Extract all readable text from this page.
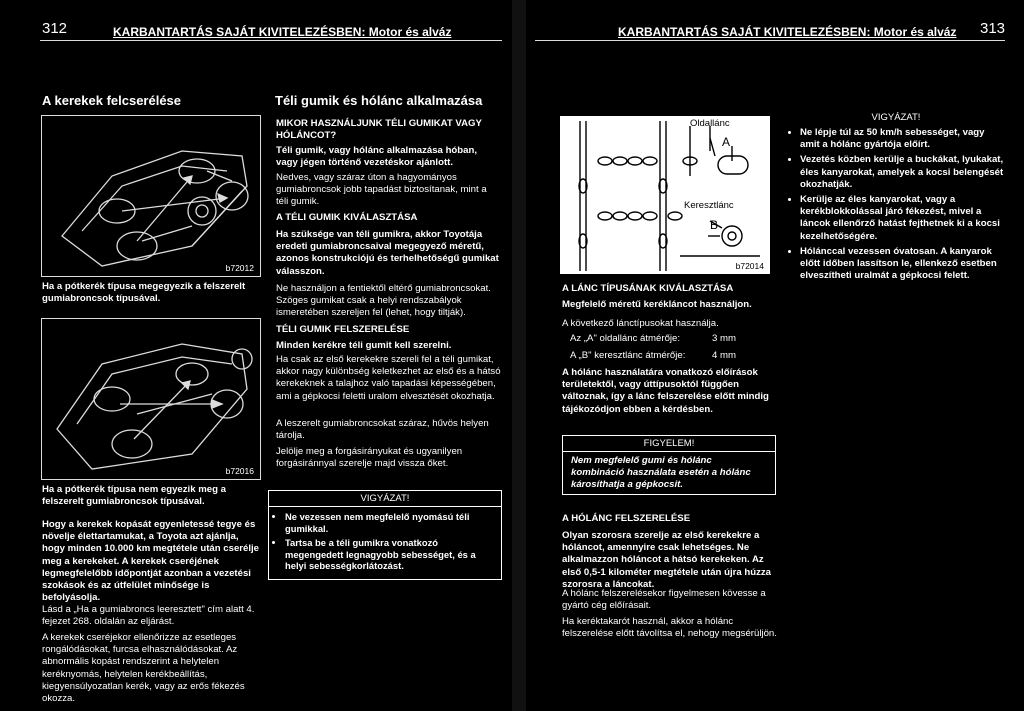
312	KARBANTARTÁS SAJÁT KIVITELEZÉSBEN: Motor és alváz	KARBANTARTÁS SAJÁT KIVITELEZÉSBEN: Motor és alváz 313
A kerekek felcserélése
b72012

Ha a pótkerék típusa megegyezik a felszerelt gumiabroncsok típusával.

b72016

Ha a pótkerék típusa nem egyezik meg a felszerelt gumiabroncsok típusával.

Hogy a kerekek kopását egyenletessé tegye és növelje élettartamukat, a Toyota azt ajánlja, hogy minden 10.000 km megtétele után cserélje meg a kerekeket. A kerekek cseréjének legmegfelelőbb időpontját azonban a vezetési szokások és az útfelület minősége is befolyásolja.

Lásd a „Ha a gumiabroncs leeresztett" cím alatt 4. fejezet 268. oldalán az eljárást.

A kerekek cseréjekor ellenőrizze az esetleges rongálódásokat, furcsa elhasználódásokat. Az abnormális kopást rendszerint a helytelen keréknyomás, helytelen kerékbeállítás, kiegyensúlyozatlan kerék, vagy az erős fékezés okozza.

Téli gumik és hólánc alkalmazása

MIKOR HASZNÁLJUNK TÉLI GUMIKAT VAGY HÓLÁNCOT?

Téli gumik, vagy hólánc alkalmazása hóban, vagy jégen történő vezetéskor ajánlott.

Nedves, vagy száraz úton a hagyományos gumiabroncsok jobb tapadást biztosítanak, mint a téli gumik.

A TÉLI GUMIK KIVÁLASZTÁSA

Ha szüksége van téli gumikra, akkor Toyotája eredeti gumiabroncsaival megegyező méretű, azonos konstrukciójú és terhelhetőségű gumikat válasszon.

Ne használjon a fentiektől eltérő gumiabroncsokat. Szöges gumikat csak a helyi rendszabályok ismeretében szereljen fel (lehet, hogy tiltják).

TÉLI GUMIK FELSZERELÉSE

Minden kerékre téli gumit kell szerelni.

Ha csak az első kerekekre szereli fel a téli gumikat, akkor nagy különbség keletkezhet az első és a hátsó kerekeknek a talajhoz való tapadási képességében, ami a gépkocsi feletti uralom elvesztését okozhatja.

A leszerelt gumiabroncsokat száraz, hűvös helyen tárolja.

Jelölje meg a forgásirányukat és ugyanilyen forgásiránnyal szerelje majd vissza őket.

VIGYÁZAT!
• Ne vezessen nem megfelelő nyomású téli gumikkal.
• Tartsa be a téli gumikra vonatkozó megengedett legnagyobb sebességet, és a helyi sebességkorlátozást.
Oldallánc
A
Keresztlánc
B
b72014

A LÁNC TÍPUSÁNAK KIVÁLASZTÁSA

Megfelelő méretű kerékláncot használjon.

A következő lánctípusokat használja.

Az „A" oldallánc átmérője:	3 mm
A „B" keresztlánc átmérője:	4 mm

A hólánc használatára vonatkozó előírások területektől, vagy úttípusoktól függően változnak, így a lánc felszerelése előtt mindig tájékozódjon ebben a kérdésben.

FIGYELEM!

Nem megfelelő gumi és hólánc kombináció használata esetén a hólánc károsíthatja a gépkocsit.

A HÓLÁNC FELSZERELÉSE

Olyan szorosra szerelje az első kerekekre a hóláncot, amennyire csak lehetséges. Ne alkalmazzon hóláncot a hátsó kerekeken. Az első 0,5-1 kilométer megtétele után újra húzza szorosra a láncokat.

A hólánc felszerelésekor figyelmesen kövesse a gyártó cég előírásait.

Ha keréktakarót használ, akkor a hólánc felszerelése előtt távolítsa el, nehogy megsérüljön.

VIGYÁZAT!
• Ne lépje túl az 50 km/h sebességet, vagy amit a hólánc gyártója előírt.
• Vezetés közben kerülje a buckákat, lyukakat, éles kanyarokat, amelyek a kocsi belengését okozhatják.
• Kerülje az éles kanyarokat, vagy a kerékblokkolással járó fékezést, mivel a láncok ellenőrző hatást fejthetnek ki a kocsi kezelhetőségére.
• Hólánccal vezessen óvatosan. A kanyarok előtt időben lassítson le, ellenkező esetben elveszítheti uralmát a gépkocsi felett.
